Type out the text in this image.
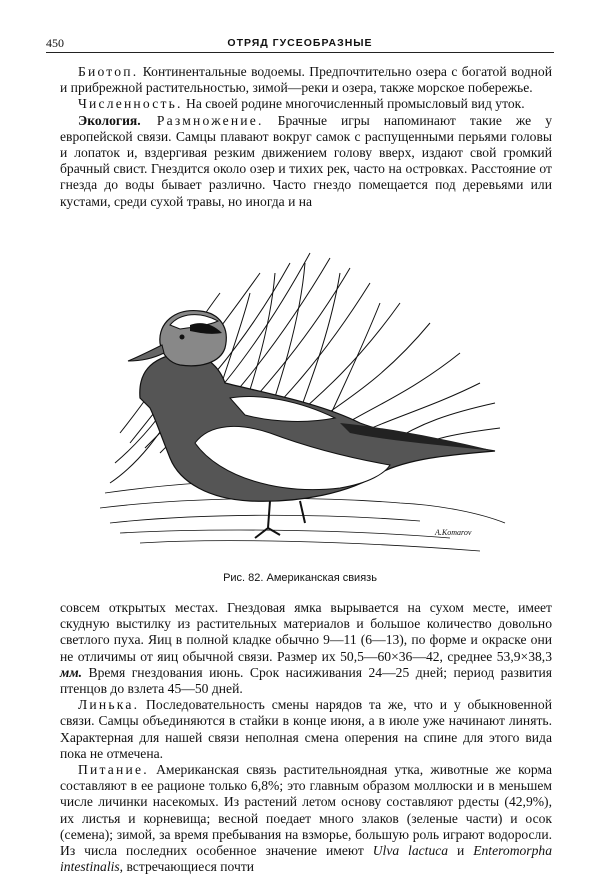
450	ОТРЯД ГУСЕОБРАЗНЫЕ

Биотоп. Континентальные водоемы. Предпочтительно озера с богатой водной и прибрежной растительностью, зимой—реки и озера, также морское побережье.

Численность. На своей родине многочисленный промысловый вид уток.

Экология. Размножение. Брачные игры напоминают такие же у европейской связи. Самцы плавают вокруг самок с распущенными перьями головы и лопаток и, вздергивая резким движением голову вверх, издают свой громкий брачный свист. Гнездится около озер и тихих рек, часто на островках. Расстояние от гнезда до воды бывает различно. Часто гнездо помещается под деревьями или кустами, среди сухой травы, но иногда и на

A.Komarov
Рис. 82. Американская свиязь

совсем открытых местах. Гнездовая ямка вырывается на сухом месте, имеет скудную выстилку из растительных материалов и большое количество довольно светлого пуха. Яиц в полной кладке обычно 9—11 (6—13), по форме и окраске они не отличимы от яиц обычной связи. Размер их 50,5—60×36—42, среднее 53,9×38,3 мм. Время гнездования июнь. Срок насиживания 24—25 дней; период развития птенцов до взлета 45—50 дней.

Линька. Последовательность смены нарядов та же, что и у обыкновенной связи. Самцы объединяются в стайки в конце июня, а в июле уже начинают линять. Характерная для нашей связи неполная смена оперения на спине для этого вида пока не отмечена.

Питание. Американская связь растительноядная утка, животные же корма составляют в ее рационе только 6,8%; это главным образом моллюски и в меньшем числе личинки насекомых. Из растений летом основу составляют рдесты (42,9%), их листья и корневища; весной поедает много злаков (зеленые части) и осок (семена); зимой, за время пребывания на взморье, большую роль играют водоросли. Из числа последних особенное значение имеют Ulva lactuca и Enteromorpha intestinalis, встречающиеся почти
